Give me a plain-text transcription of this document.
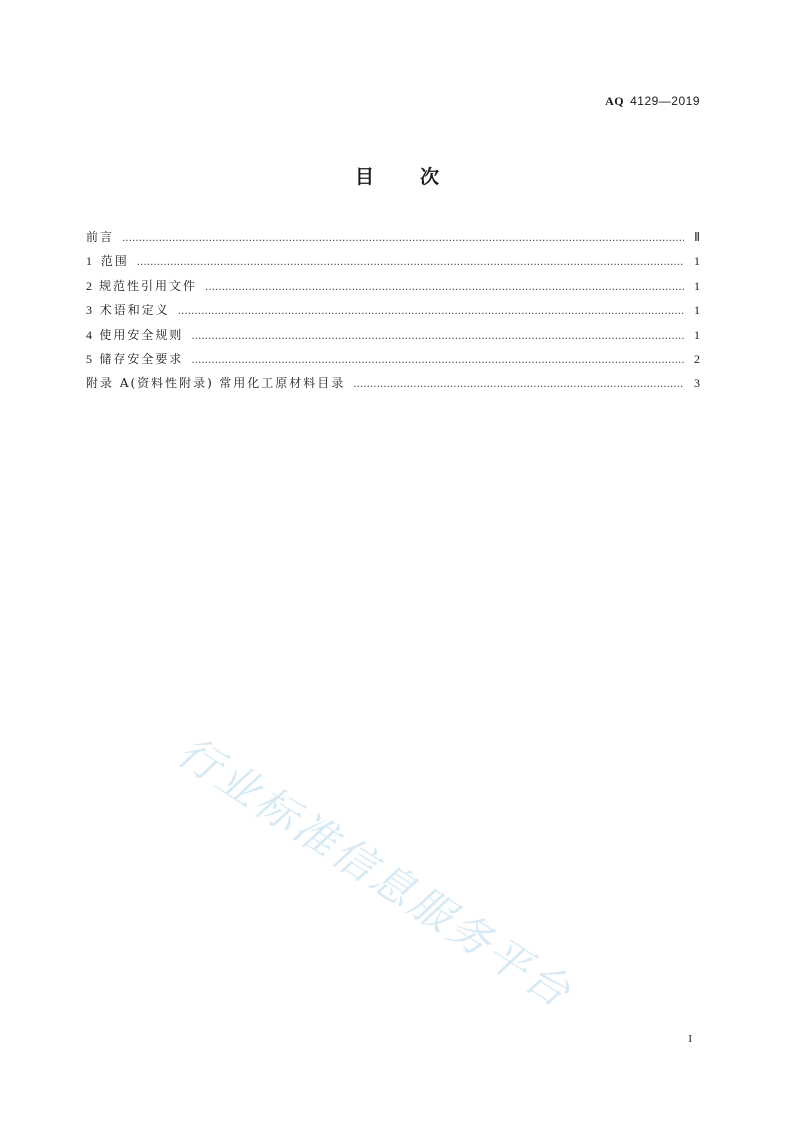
AQ 4129—2019
目次
前言 ……………………………………………………………………………………………………………………………………………………………………………………………………	Ⅱ
1 范围 ……………………………………………………………………………………………………………………………………………………………………………………………………	1
2 规范性引用文件 ……………………………………………………………………………………………………………………………………………………………………………………………………	1
3 术语和定义 ……………………………………………………………………………………………………………………………………………………………………………………………………	1
4 使用安全规则 ……………………………………………………………………………………………………………………………………………………………………………………………………	1
5 储存安全要求 ……………………………………………………………………………………………………………………………………………………………………………………………………	2
附录 A(资料性附录) 常用化工原材料目录 ……………………………………………………………………………………………………………………………………………………………………………………………………	3
行业标准信息服务平台
I
